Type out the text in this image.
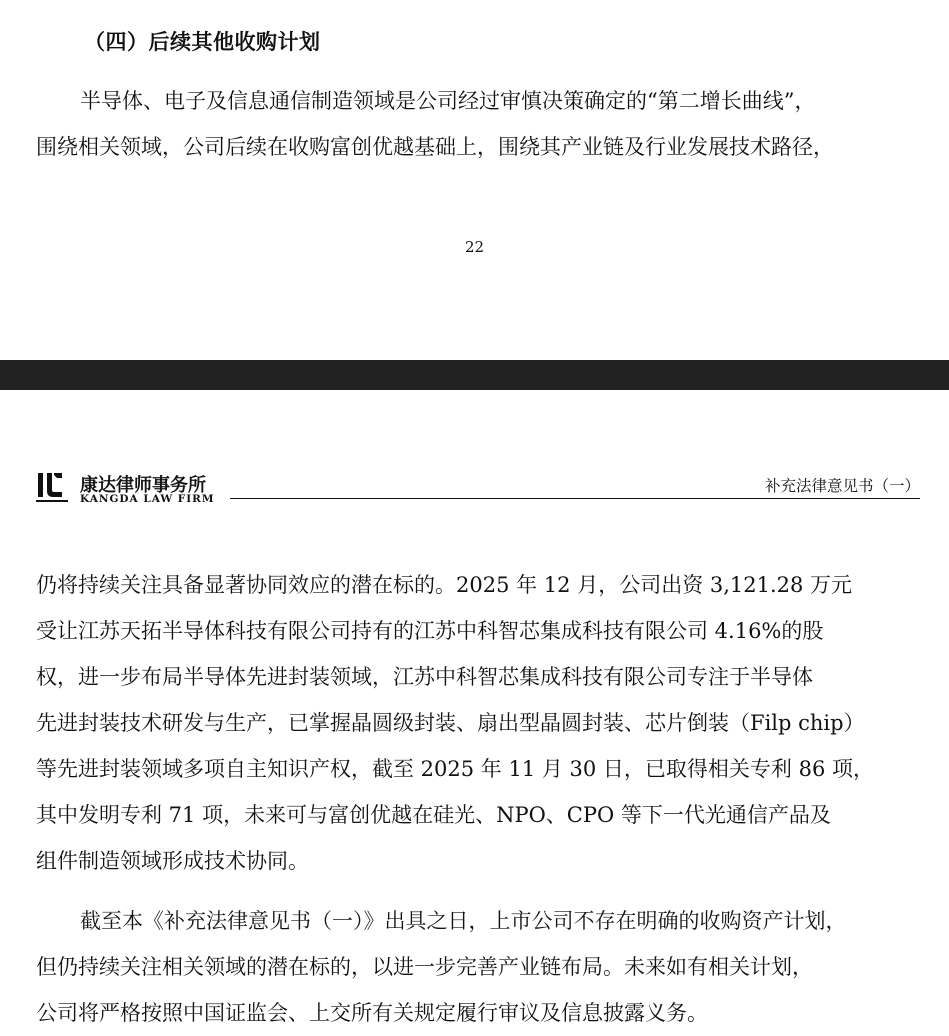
（四）后续其他收购计划
半导体、电子及信息通信制造领域是公司经过审慎决策确定的“第二增长曲线”，
围绕相关领域，公司后续在收购富创优越基础上，围绕其产业链及行业发展技术路径，
22
康达律师事务所
KANGDA LAW FIRM
补充法律意见书（一）
仍将持续关注具备显著协同效应的潜在标的。2025 年 12 月，公司出资 3,121.28 万元
受让江苏天拓半导体科技有限公司持有的江苏中科智芯集成科技有限公司 4.16%的股
权，进一步布局半导体先进封装领域，江苏中科智芯集成科技有限公司专注于半导体
先进封装技术研发与生产，已掌握晶圆级封装、扇出型晶圆封装、芯片倒装（Filp chip）
等先进封装领域多项自主知识产权，截至 2025 年 11 月 30 日，已取得相关专利 86 项，
其中发明专利 71 项，未来可与富创优越在硅光、NPO、CPO 等下一代光通信产品及
组件制造领域形成技术协同。
截至本《补充法律意见书（一）》出具之日，上市公司不存在明确的收购资产计划，
但仍持续关注相关领域的潜在标的，以进一步完善产业链布局。未来如有相关计划，
公司将严格按照中国证监会、上交所有关规定履行审议及信息披露义务。
